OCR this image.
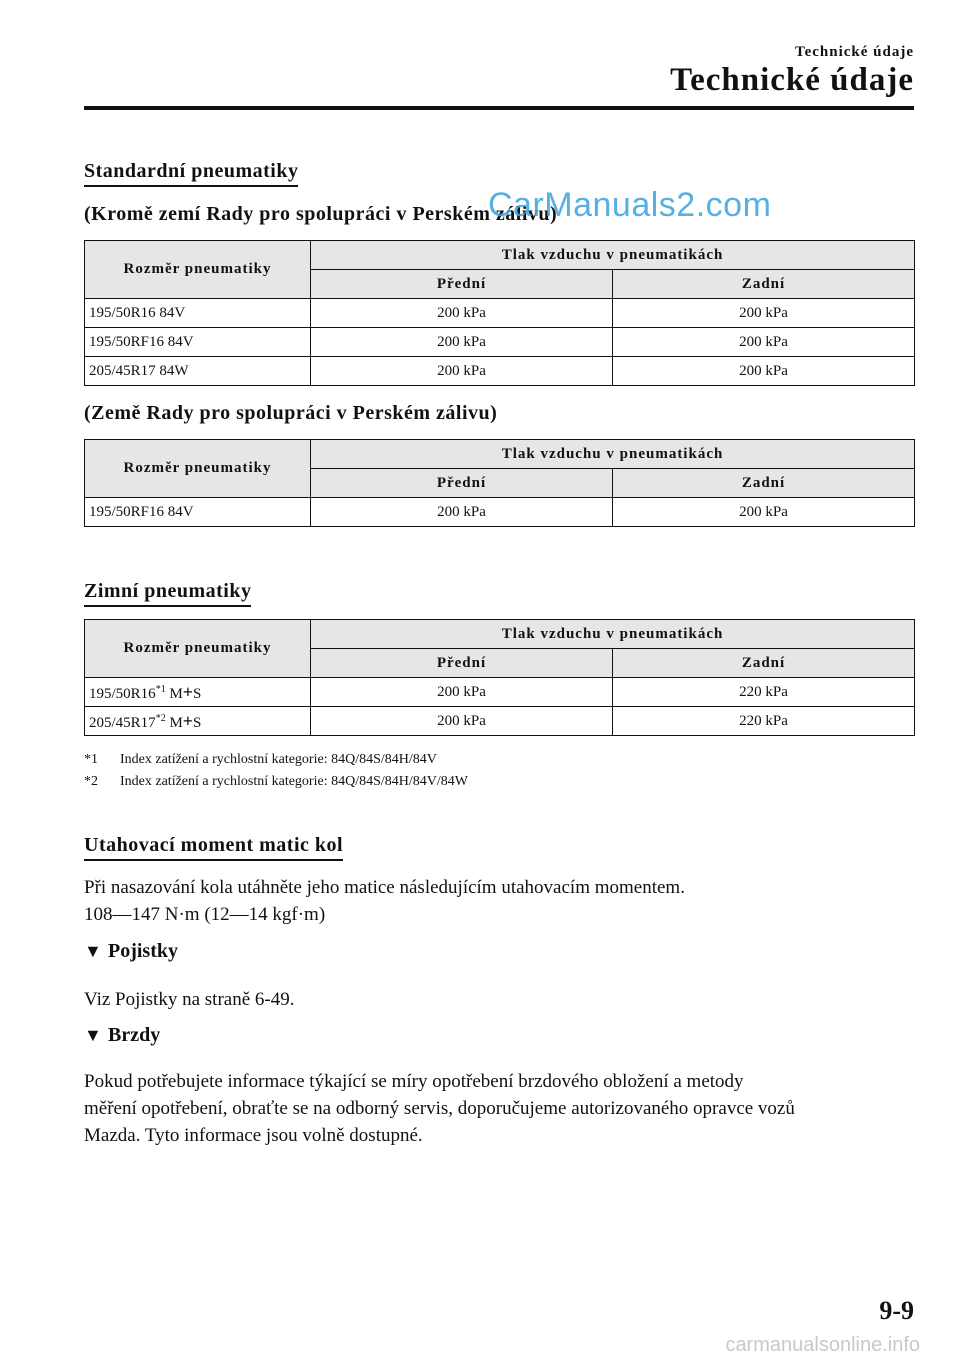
Technické údaje
Technické údaje
Standardní pneumatiky
(Kromě zemí Rady pro spolupráci v Perském zálivu)
CarManuals2.com
Rozměr pneumatiky	Tlak vzduchu v pneumatikách	
	Přední	Zadní
195/50R16 84V	200 kPa	200 kPa
195/50RF16 84V	200 kPa	200 kPa
205/45R17 84W	200 kPa	200 kPa
(Země Rady pro spolupráci v Perském zálivu)
Rozměr pneumatiky	Tlak vzduchu v pneumatikách	
	Přední	Zadní
195/50RF16 84V	200 kPa	200 kPa
Zimní pneumatiky
Rozměr pneumatiky	Tlak vzduchu v pneumatikách	
	Přední	Zadní
195/50R16$^{*1}$ M+S	200 kPa	220 kPa
205/45R17$^{*2}$ M+S	200 kPa	220 kPa
*1 Index zatížení a rychlostní kategorie: 84Q/84S/84H/84V
*2 Index zatížení a rychlostní kategorie: 84Q/84S/84H/84V/84W
Utahovací moment matic kol
Při nasazování kola utáhněte jeho matice následujícím utahovacím momentem.
108―147 N·m (12―14 kgf·m)
▼ Pojistky
Viz Pojistky na straně 6-49.
▼ Brzdy
Pokud potřebujete informace týkající se míry opotřebení brzdového obložení a metody
měření opotřebení, obraťte se na odborný servis, doporučujeme autorizovaného opravce vozů
Mazda. Tyto informace jsou volně dostupné.
9-9
carmanualsonline.info
